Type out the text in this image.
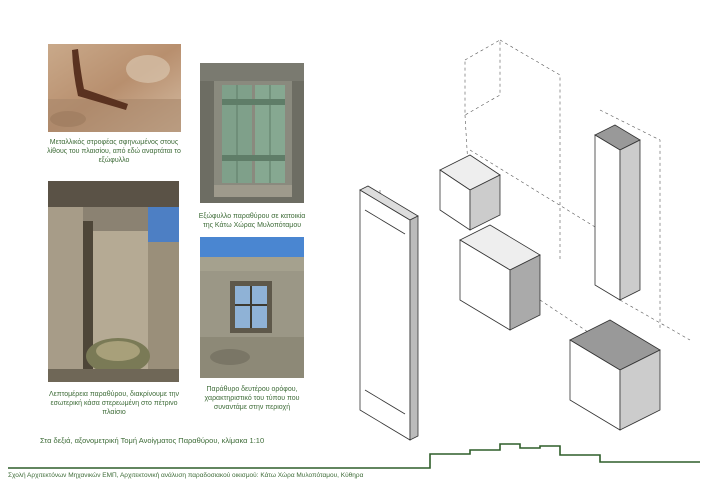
Μεταλλικός στροφέας σφηνωμένος στους λίθους του πλαισίου, από εδώ αναρτάται το εξώφυλλο
Εξώφυλλο παραθύρου σε κατοικία της Κάτω Χώρας Μυλοπόταμου
Λεπτομέρεια παραθύρου, διακρίνουμε την εσωτερική κάσα στερεωμένη στο πέτρινο πλαίσιο
Παράθυρο δευτέρου ορόφου, χαρακτηριστικό του τύπου που συναντάμε στην περιοχή
Στα δεξιά, αξονομετρική Τομή Ανοίγματος Παραθύρου, κλίμακα 1:10
Σχολή Αρχιτεκτόνων Μηχανικών ΕΜΠ, Αρχιτεκτονική ανάλυση παραδοσιακού οικισμού: Κάτω Χώρα Μυλοπόταμου, Κύθηρα
